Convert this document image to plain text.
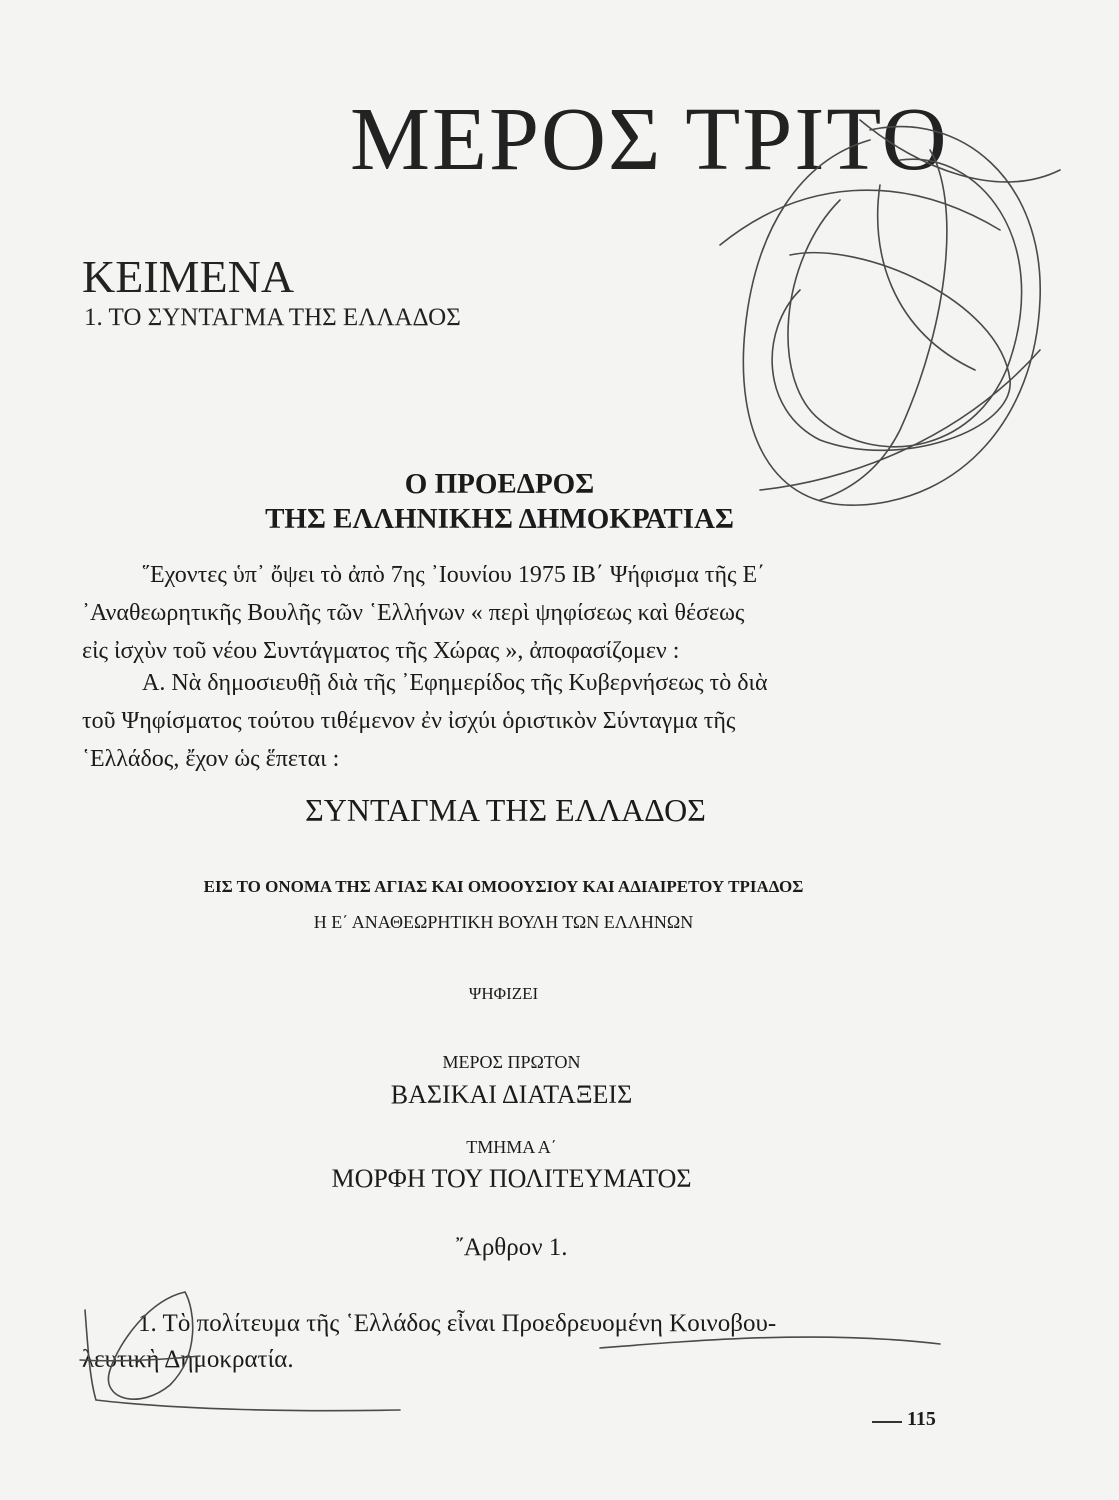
ΜΕΡΟΣ ΤΡΙΤΟ
ΚΕΙΜΕΝΑ
1. ΤΟ ΣΥΝΤΑΓΜΑ ΤΗΣ ΕΛΛΑΔΟΣ
Ο ΠΡΟΕΔΡΟΣ
ΤΗΣ ΕΛΛΗΝΙΚΗΣ ΔΗΜΟΚΡΑΤΙΑΣ
῞Εχοντες ὑπ᾽ ὄψει τὸ ἀπὸ 7ης ᾽Ιουνίου 1975 ΙΒ΄ Ψήφισμα τῆς Ε΄
᾽Αναθεωρητικῆς Βουλῆς τῶν ῾Ελλήνων « περὶ ψηφίσεως καὶ θέσεως
εἰς ἰσχὺν τοῦ νέου Συντάγματος τῆς Χώρας », ἀποφασίζομεν :
Α. Νὰ δημοσιευθῇ διὰ τῆς ᾽Εφημερίδος τῆς Κυβερνήσεως τὸ διὰ
τοῦ Ψηφίσματος τούτου τιθέμενον ἐν ἰσχύι ὁριστικὸν Σύνταγμα τῆς
῾Ελλάδος, ἔχον ὡς ἕπεται :
ΣΥΝΤΑΓΜΑ ΤΗΣ ΕΛΛΑΔΟΣ
ΕΙΣ ΤΟ ΟΝΟΜΑ ΤΗΣ ΑΓΙΑΣ ΚΑΙ ΟΜΟΟΥΣΙΟΥ ΚΑΙ ΑΔΙΑΙΡΕΤΟΥ ΤΡΙΑΔΟΣ
Η Ε΄ ΑΝΑΘΕΩΡΗΤΙΚΗ ΒΟΥΛΗ ΤΩΝ ΕΛΛΗΝΩΝ
ΨΗΦΙΖΕΙ
ΜΕΡΟΣ ΠΡΩΤΟΝ
ΒΑΣΙΚΑΙ ΔΙΑΤΑΞΕΙΣ
ΤΜΗΜΑ Α΄
ΜΟΡΦΗ ΤΟΥ ΠΟΛΙΤΕΥΜΑΤΟΣ
῎Αρθρον 1.
1. Τὸ πολίτευμα τῆς ῾Ελλάδος εἶναι Προεδρευομένη Κοινοβου-
λευτικὴ Δημοκρατία.
115
